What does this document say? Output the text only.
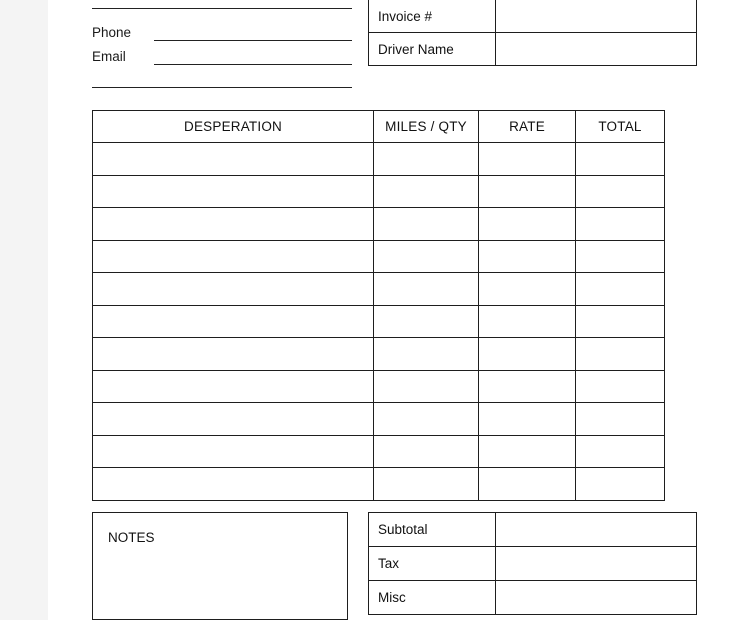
Phone
Email

Invoice #	
Driver Name	
DESPERATION	MILES / QTY	RATE	TOTAL

NOTES
Subtotal	
Tax	
Misc	
